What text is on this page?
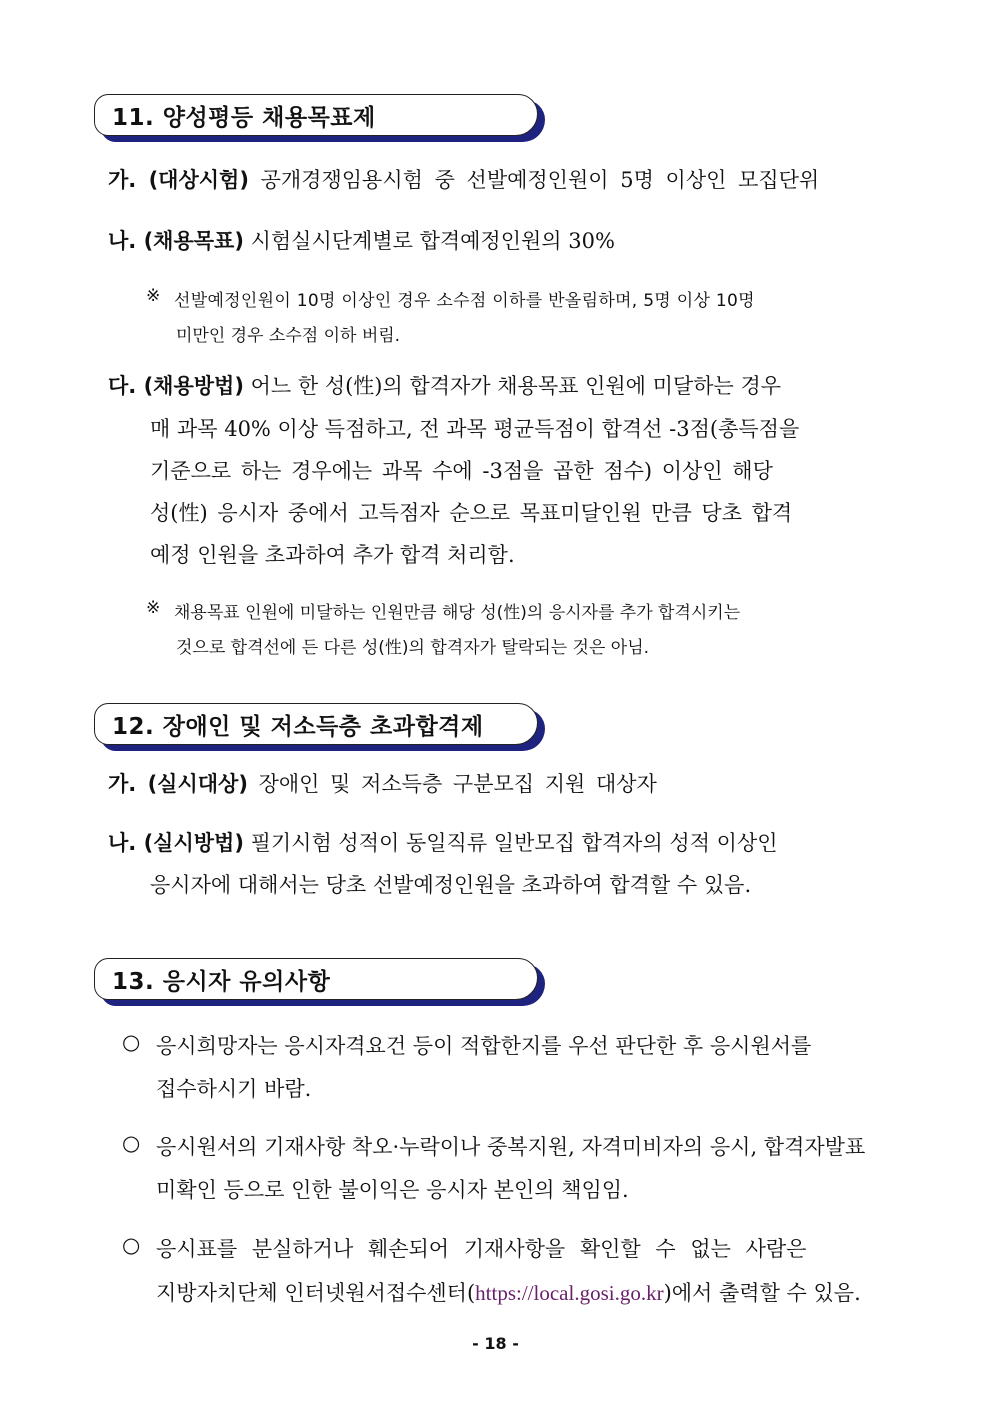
11. 양성평등 채용목표제
가. (대상시험) 공개경쟁임용시험 중 선발예정인원이 5명 이상인 모집단위
나. (채용목표) 시험실시단계별로 합격예정인원의 30%
※ 선발예정인원이 10명 이상인 경우 소수점 이하를 반올림하며, 5명 이상 10명
미만인 경우 소수점 이하 버림.
다. (채용방법) 어느 한 성(性)의 합격자가 채용목표 인원에 미달하는 경우
매 과목 40% 이상 득점하고, 전 과목 평균득점이 합격선 -3점(총득점을
기준으로 하는 경우에는 과목 수에 -3점을 곱한 점수) 이상인 해당
성(性) 응시자 중에서 고득점자 순으로 목표미달인원 만큼 당초 합격
예정 인원을 초과하여 추가 합격 처리함.
※ 채용목표 인원에 미달하는 인원만큼 해당 성(性)의 응시자를 추가 합격시키는
것으로 합격선에 든 다른 성(性)의 합격자가 탈락되는 것은 아님.
12. 장애인 및 저소득층 초과합격제
가. (실시대상) 장애인 및 저소득층 구분모집 지원 대상자
나. (실시방법) 필기시험 성적이 동일직류 일반모집 합격자의 성적 이상인
응시자에 대해서는 당초 선발예정인원을 초과하여 합격할 수 있음.
13. 응시자 유의사항
○ 응시희망자는 응시자격요건 등이 적합한지를 우선 판단한 후 응시원서를
접수하시기 바람.
○ 응시원서의 기재사항 착오·누락이나 중복지원, 자격미비자의 응시, 합격자발표
미확인 등으로 인한 불이익은 응시자 본인의 책임임.
○ 응시표를 분실하거나 훼손되어 기재사항을 확인할 수 없는 사람은
지방자치단체 인터넷원서접수센터(https://local.gosi.go.kr)에서 출력할 수 있음.
- 18 -
